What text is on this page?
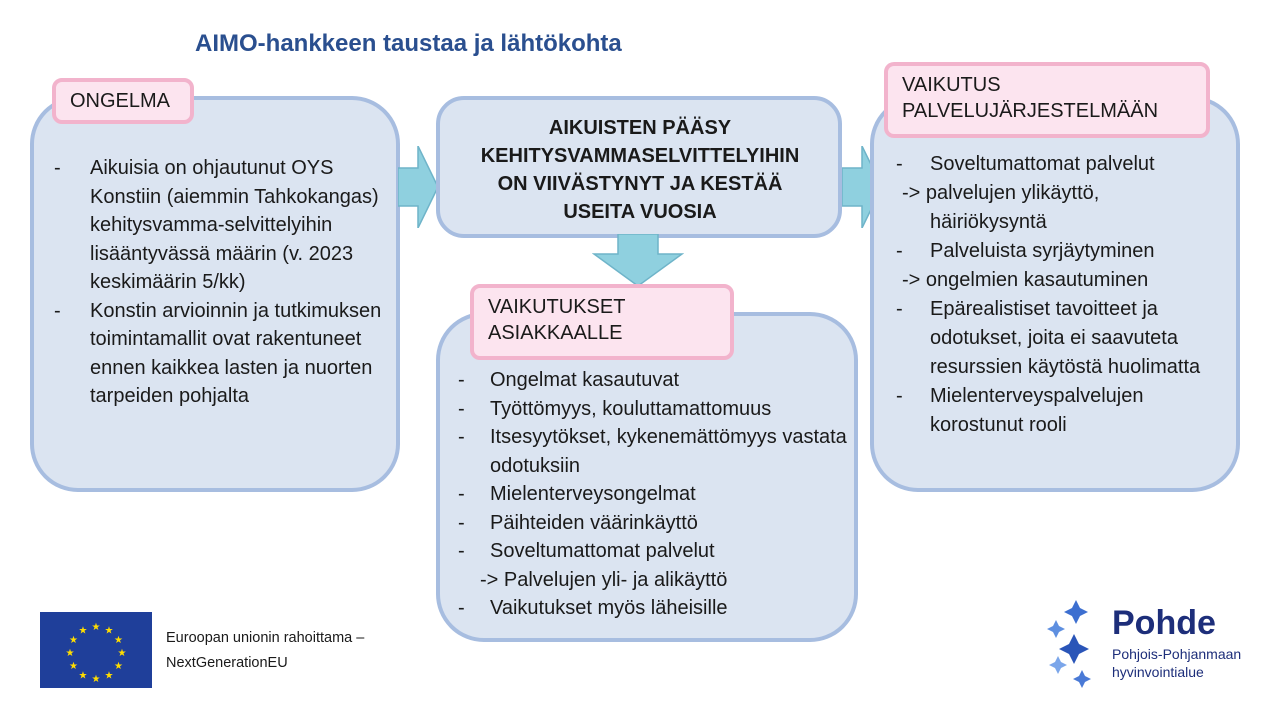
AIMO-hankkeen taustaa ja lähtökohta
- Aikuisia on ohjautunut OYS Konstiin (aiemmin Tahkokangas) kehitysvamma-selvittelyihin lisääntyvässä määrin (v. 2023 keskimäärin 5/kk)
- Konstin arvioinnin ja tutkimuksen toimintamallit ovat rakentuneet ennen kaikkea lasten ja nuorten tarpeiden pohjalta
ONGELMA
AIKUISTEN PÄÄSY KEHITYSVAMMASELVITTELYIHIN ON VIIVÄSTYNYT JA KESTÄÄ USEITA VUOSIA
- Ongelmat kasautuvat
- Työttömyys, kouluttamattomuus
- Itsesyytökset, kykenemättömyys vastata odotuksiin
- Mielenterveysongelmat
- Päihteiden väärinkäyttö
- Soveltumattomat palvelut
-> Palvelujen yli- ja alikäyttö
- Vaikutukset myös läheisille
VAIKUTUKSET
ASIAKKAALLE
- Soveltumattomat palvelut
-> palvelujen ylikäyttö,
häiriökysyntä
- Palveluista syrjäytyminen
-> ongelmien kasautuminen
- Epärealistiset tavoitteet ja odotukset, joita ei saavuteta resurssien käytöstä huolimatta
- Mielenterveyspalvelujen korostunut rooli
VAIKUTUS
PALVELUJÄRJESTELMÄÄN
★ ★
★
★
★
★
★
★
★
★
★
★	Euroopan unionin rahoittama –
NextGenerationEU
Pohde
Pohjois-Pohjanmaan
hyvinvointialue
